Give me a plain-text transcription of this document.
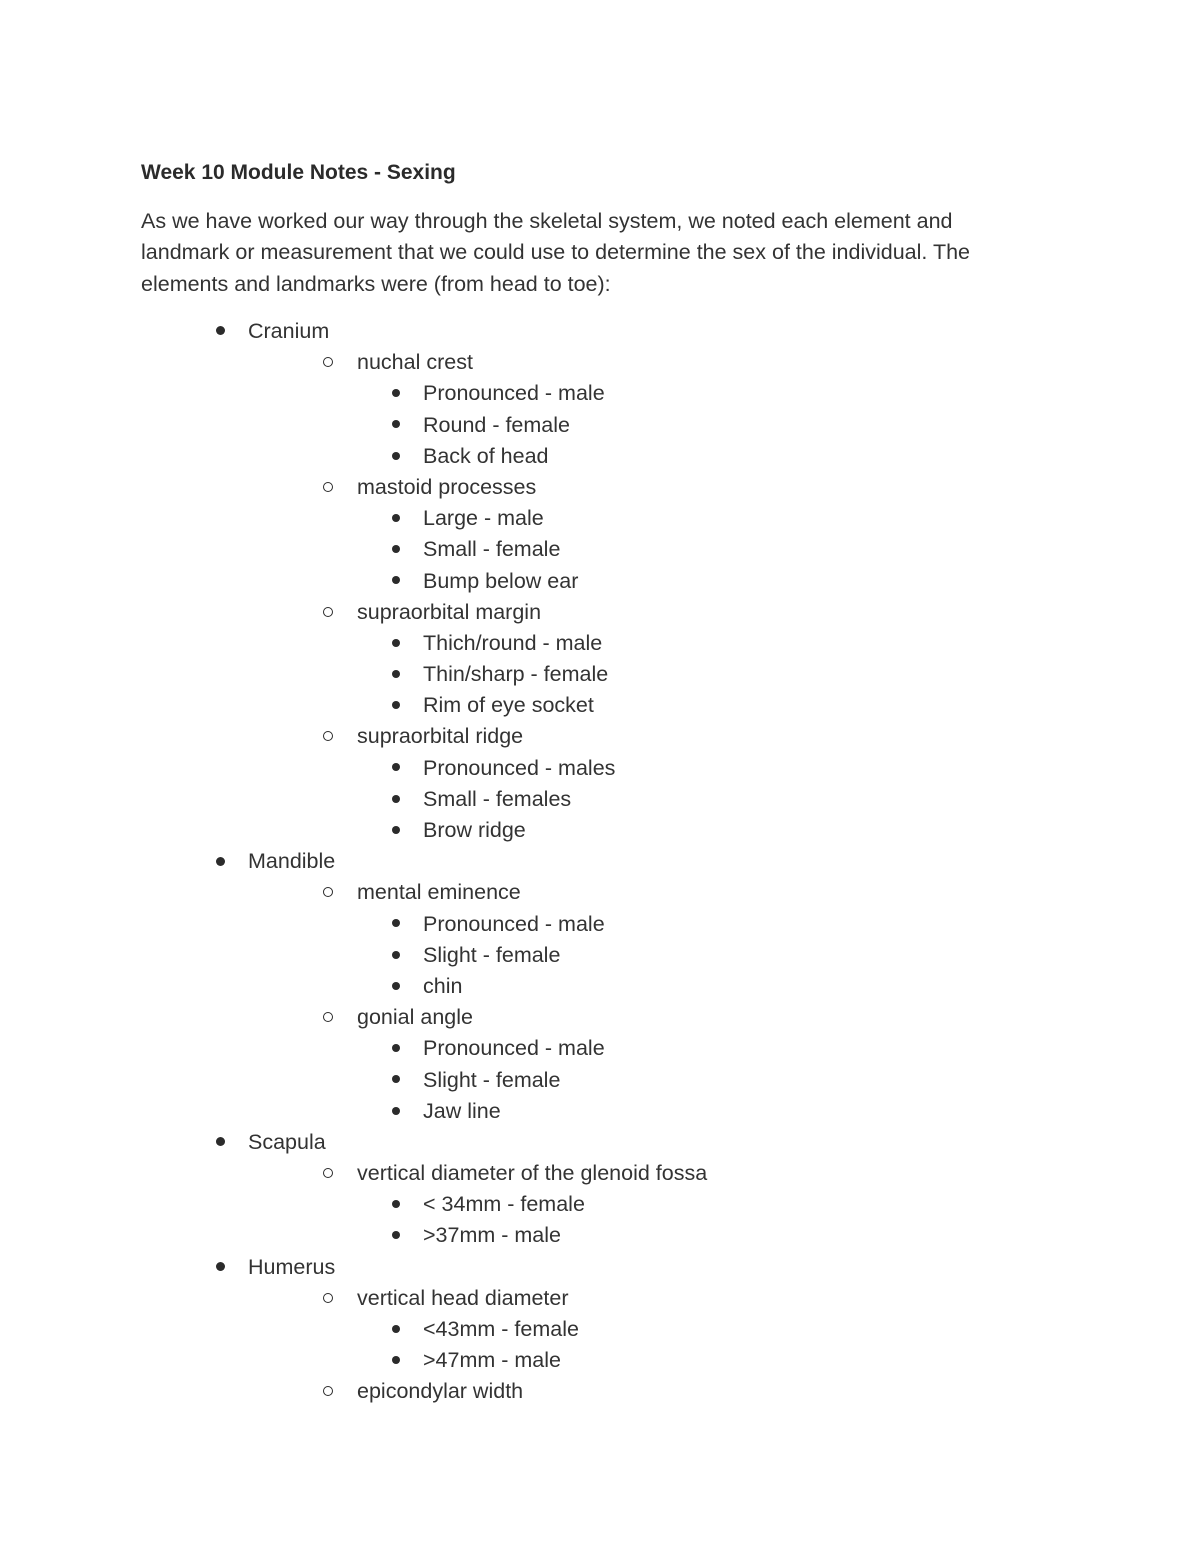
Week 10 Module Notes - Sexing

As we have worked our way through the skeletal system, we noted each element and
landmark or measurement that we could use to determine the sex of the individual. The
elements and landmarks were (from head to toe):

Cranium
nuchal crest
Pronounced - male
Round - female
Back of head
mastoid processes
Large - male
Small - female
Bump below ear
supraorbital margin
Thich/round - male
Thin/sharp - female
Rim of eye socket
supraorbital ridge
Pronounced - males
Small - females
Brow ridge
Mandible
mental eminence
Pronounced - male
Slight - female
chin
gonial angle
Pronounced - male
Slight - female
Jaw line
Scapula
vertical diameter of the glenoid fossa
< 34mm - female
>37mm - male
Humerus
vertical head diameter
<43mm - female
>47mm - male
epicondylar width
